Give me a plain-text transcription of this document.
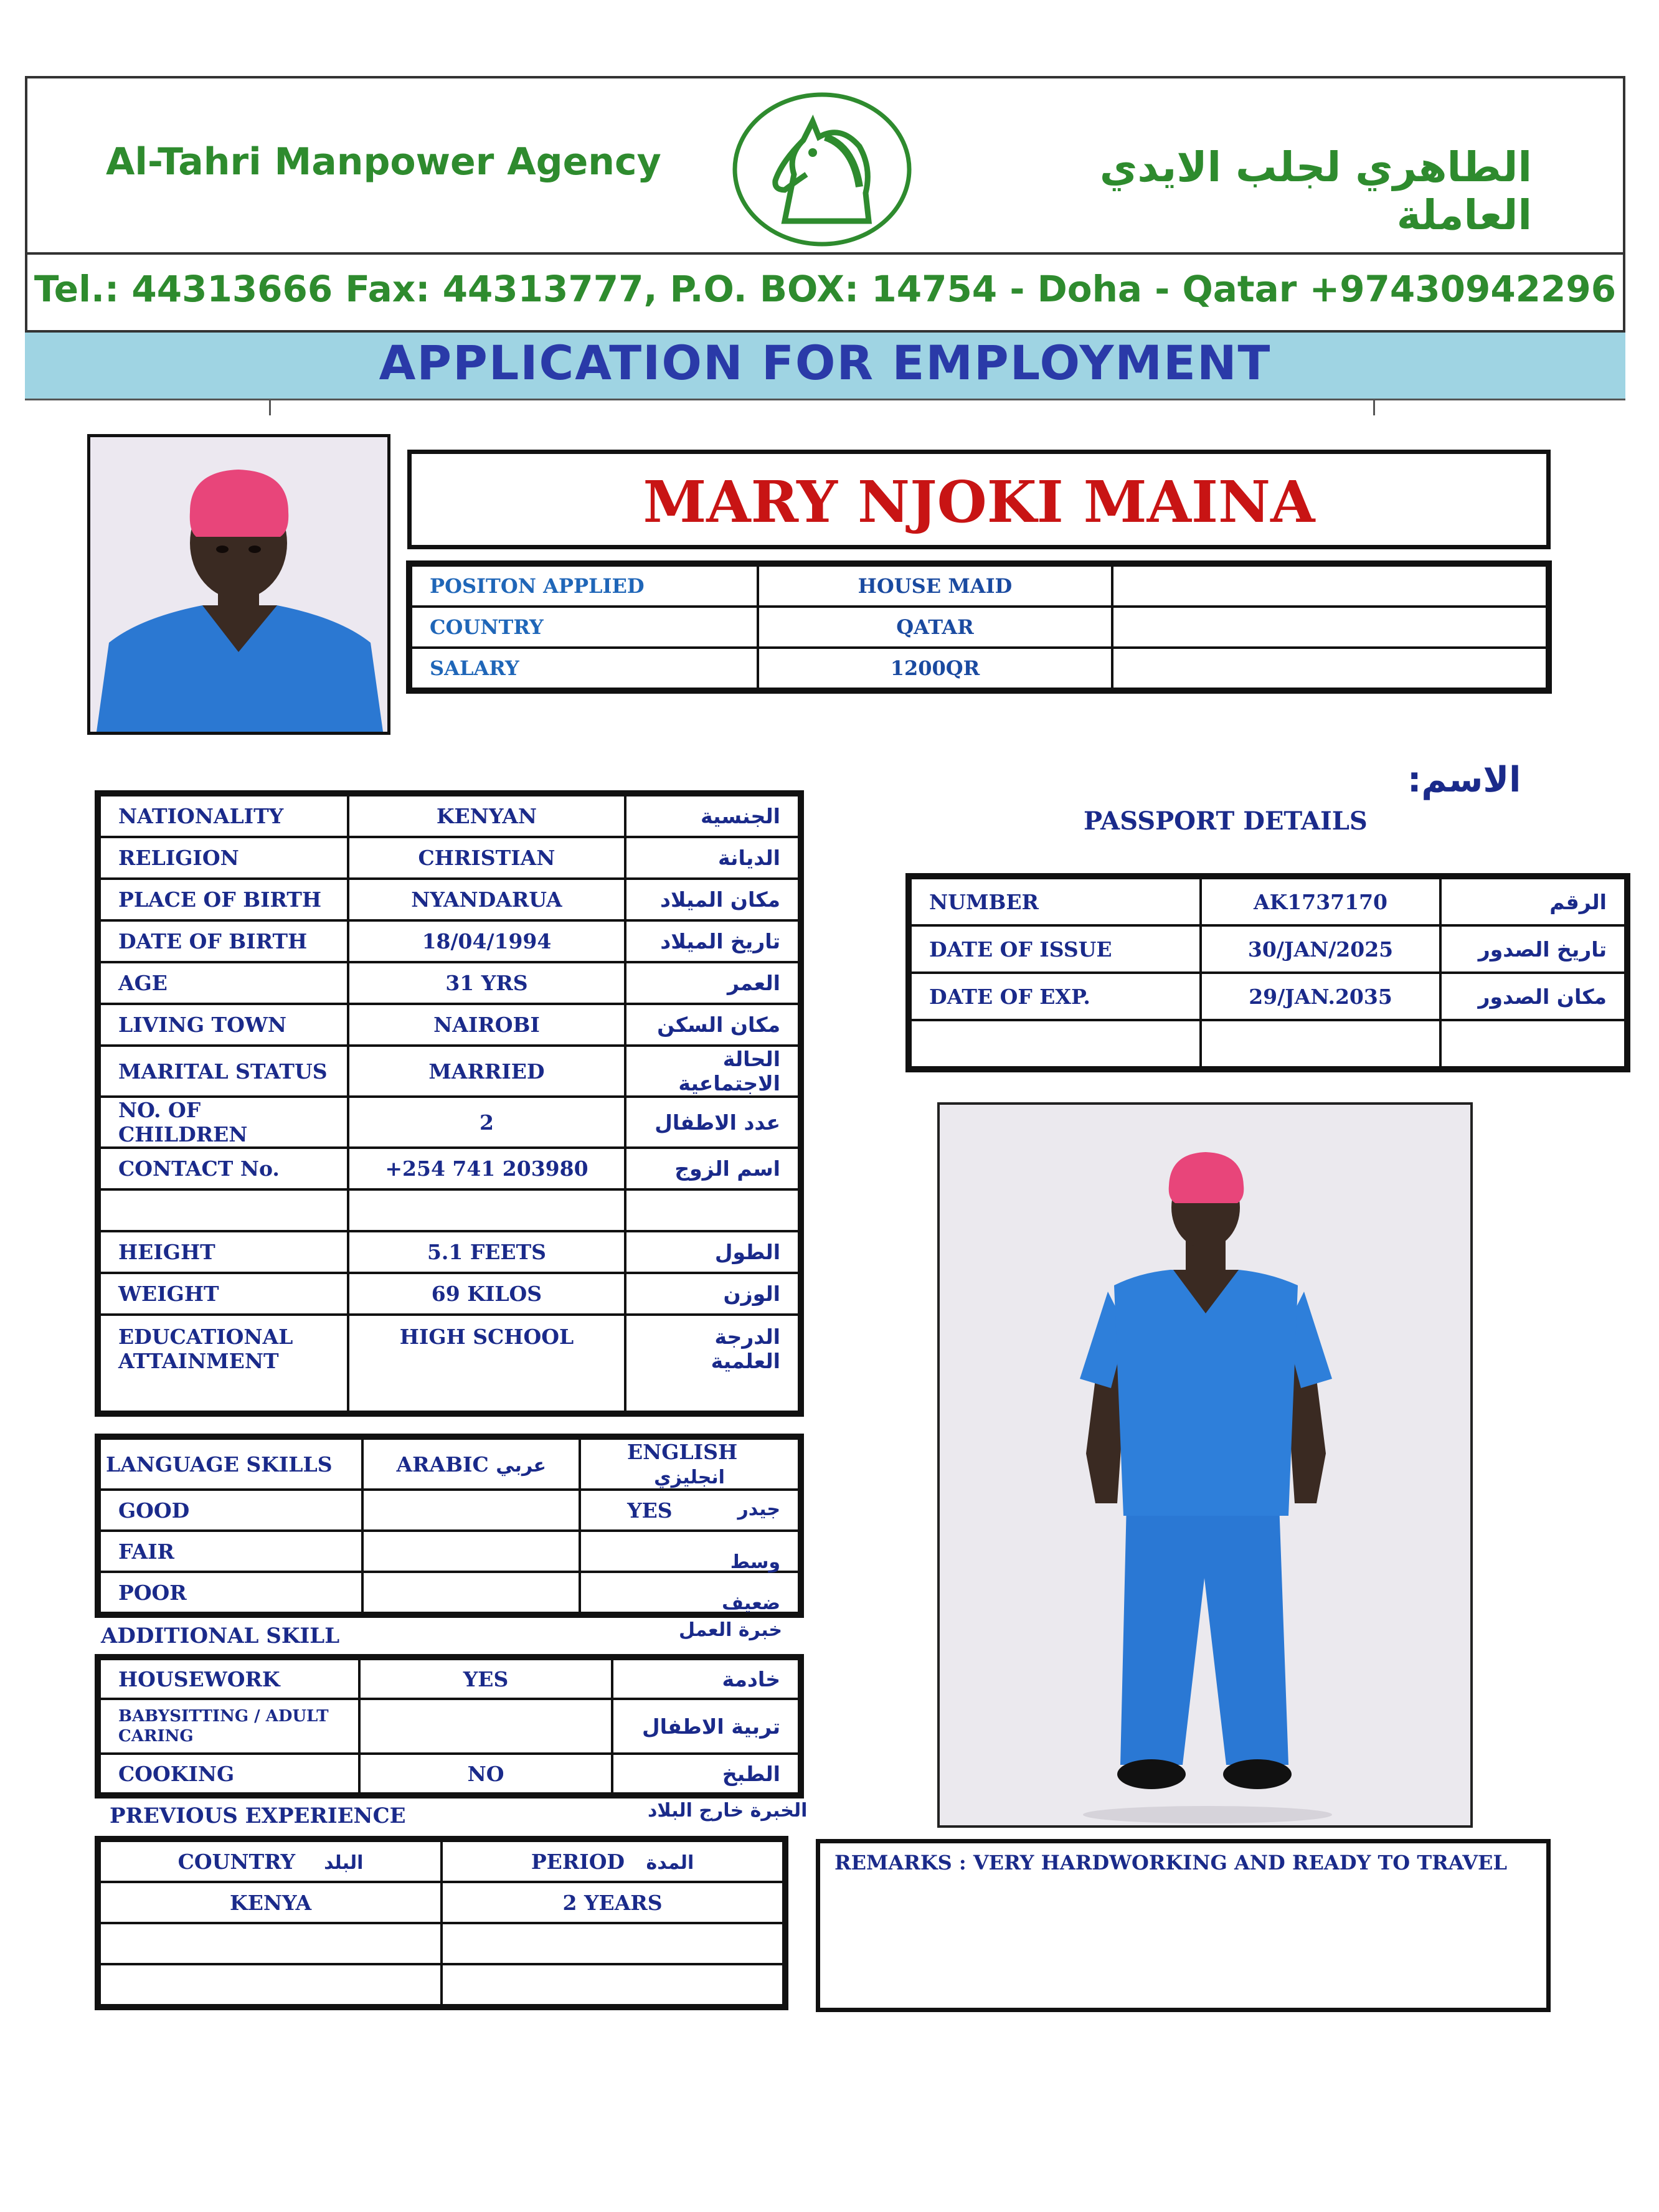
Al-Tahri Manpower Agency	الطاهري لجلب الايدي العاملة
Tel.: 44313666 Fax: 44313777, P.O. BOX: 14754 - Doha - Qatar +97430942296
APPLICATION FOR EMPLOYMENT
MARY NJOKI MAINA
POSITON APPLIED	HOUSE MAID	
COUNTRY	QATAR	
SALARY	1200QR	
الاسم:
PASSPORT DETAILS
NATIONALITY	KENYAN	الجنسية
RELIGION	CHRISTIAN	الديانة
PLACE OF BIRTH	NYANDARUA	مكان الميلاد
DATE OF BIRTH	18/04/1994	تاريخ الميلاد
AGE	31 YRS	العمر
LIVING TOWN	NAIROBI	مكان السكن
MARITAL STATUS	MARRIED	الحالة الاجتماعية
NO. OF CHILDREN	2	عدد الاطفال
CONTACT No.	+254 741 203980	اسم الزوج

HEIGHT	5.1 FEETS	الطول
WEIGHT	69 KILOS	الوزن
EDUCATIONAL ATTAINMENT	HIGH SCHOOL	الدرجة العلمية
NUMBER	AK1737170	الرقم
DATE OF ISSUE	30/JAN/2025	تاريخ الصدور
DATE OF EXP.	29/JAN.2035	مكان الصدور

LANGUAGE SKILLS	ARABIC عربي	ENGLISH   انجليزي
GOOD		YES جيدر

FAIR		وسط

POOR		ضعيف
ADDITIONAL SKILL	خبرة العمل
HOUSEWORK	YES	خادمة
BABYSITTING / ADULT CARING		تربية الاطفال
COOKING	NO	الطبخ
PREVIOUS EXPERIENCE	الخبرة خارج البلاد
COUNTRY البلد	PERIOD المدة
KENYA	2 YEARS

REMARKS : VERY HARDWORKING AND READY TO TRAVEL
